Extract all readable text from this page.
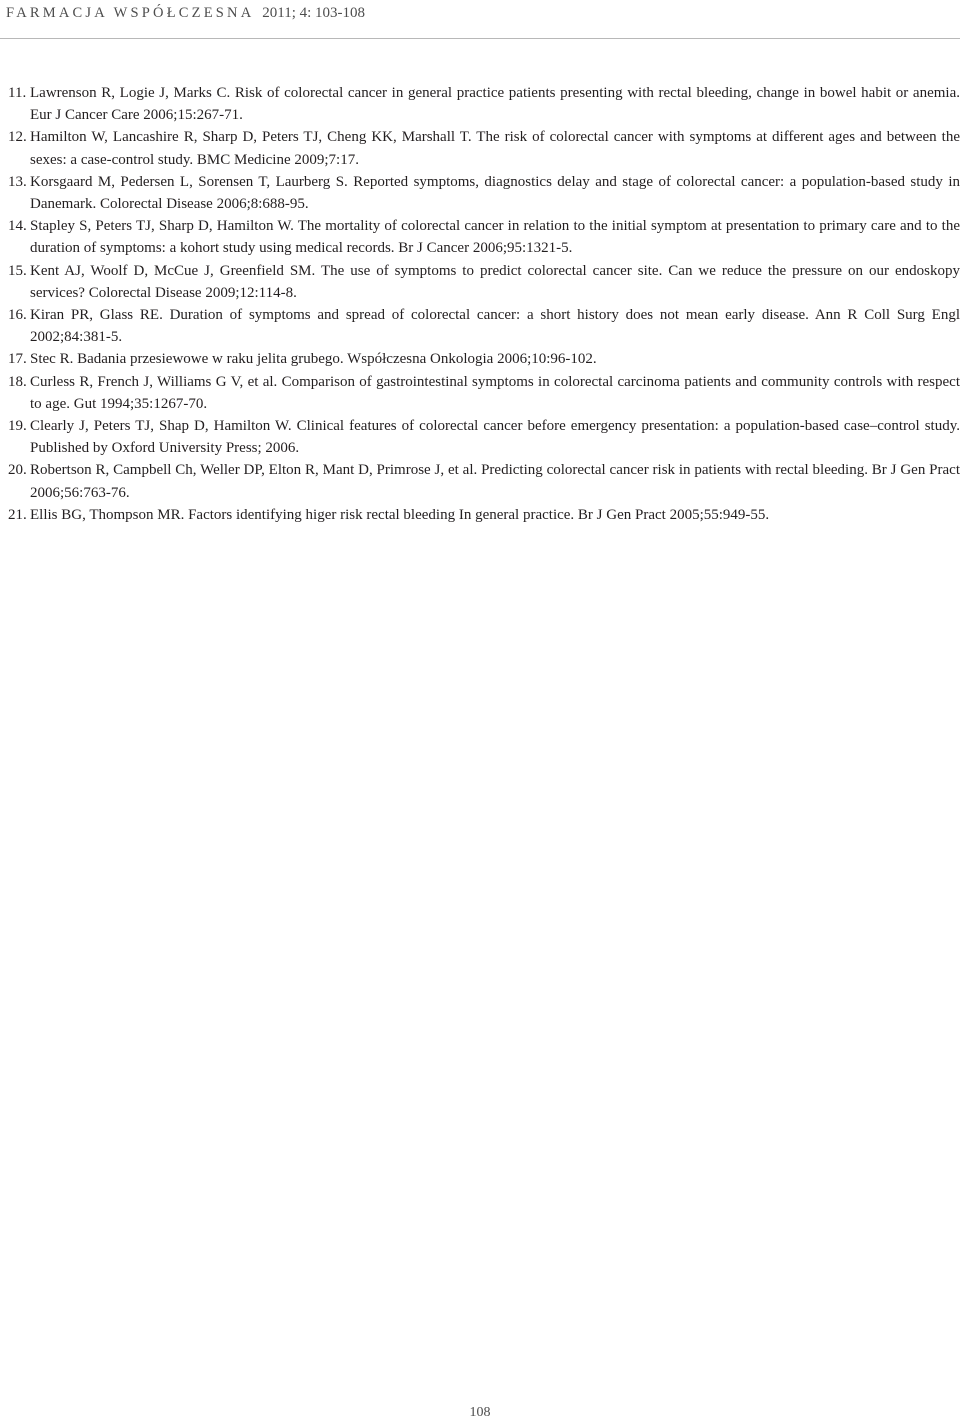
FARMACJA WSPÓŁCZESNA 2011; 4: 103-108
11. Lawrenson R, Logie J, Marks C. Risk of colorectal cancer in general practice patients presenting with rectal bleeding, change in bowel habit or anemia. Eur J Cancer Care 2006;15:267-71.
12. Hamilton W, Lancashire R, Sharp D, Peters TJ, Cheng KK, Marshall T. The risk of colorectal cancer with symptoms at different ages and between the sexes: a case-control study. BMC Medicine 2009;7:17.
13. Korsgaard M, Pedersen L, Sorensen T, Laurberg S. Reported symptoms, diagnostics delay and stage of colorectal cancer: a population-based study in Danemark. Colorectal Disease 2006;8:688-95.
14. Stapley S, Peters TJ, Sharp D, Hamilton W. The mortality of colorectal cancer in relation to the initial symptom at presentation to primary care and to the duration of symptoms: a kohort study using medical records. Br J Cancer 2006;95:1321-5.
15. Kent AJ, Woolf D, McCue J, Greenfield SM. The use of symptoms to predict colorectal cancer site. Can we reduce the pressure on our endoskopy services? Colorectal Disease 2009;12:114-8.
16. Kiran PR, Glass RE. Duration of symptoms and spread of colorectal cancer: a short history does not mean early disease. Ann R Coll Surg Engl 2002;84:381-5.
17. Stec R. Badania przesiewowe w raku jelita grubego. Współczesna Onkologia 2006;10:96-102.
18. Curless R, French J, Williams G V, et al. Comparison of gastrointestinal symptoms in colorectal carcinoma patients and community controls with respect to age. Gut 1994;35:1267-70.
19. Clearly J, Peters TJ, Shap D, Hamilton W. Clinical features of colorectal cancer before emergency presentation: a population-based case–control study. Published by Oxford University Press; 2006.
20. Robertson R, Campbell Ch, Weller DP, Elton R, Mant D, Primrose J, et al. Predicting colorectal cancer risk in patients with rectal bleeding. Br J Gen Pract 2006;56:763-76.
21. Ellis BG, Thompson MR. Factors identifying higer risk rectal bleeding In general practice. Br J Gen Pract 2005;55:949-55.
108
